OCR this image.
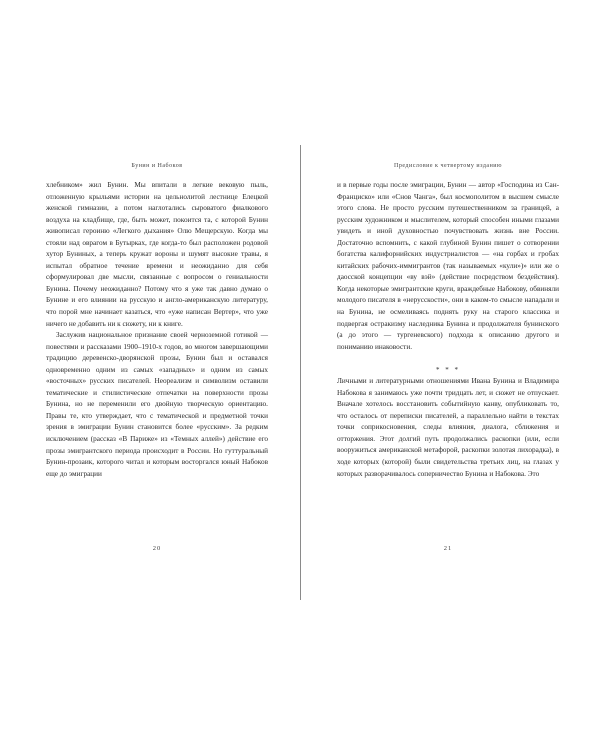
Бунин и Набоков

хлебником» жил Бунин. Мы впитали в легкие вековую пыль, отложенную крыльями истории на цельнолитой лестнице Елецкой женской гимназии, а потом наглотались сыроватого фиалкового воздуха на кладбище, где, быть может, покоится та, с которой Бунин живописал героиню «Легкого дыхания» Олю Мещерскую. Когда мы стояли над оврагом в Бутырках, где когда-то был расположен родовой хутор Буниных, а теперь кружат вороны и шумят высокие травы, я испытал обратное течение времени и неожиданно для себя сформулировал две мысли, связанные с вопросом о гениальности Бунина. Почему неожиданно? Потому что я уже так давно думаю о Бунине и его влиянии на русскую и англо-американскую литературу, что порой мне начинает казаться, что «уже написан Вертер», что уже ничего не добавить ни к сюжету, ни к книге.

Заслужив национальное признание своей черноземной готикой — повестями и рассказами 1900–1910-х годов, во многом завершающими традицию деревенско-дворянской прозы, Бунин был и оставался одновременно одним из самых «западных» и одним из самых «восточных» русских писателей. Неореализм и символизм оставили тематические и стилистические отпечатки на поверхности прозы Бунина, но не переменили его двойную творческую ориентацию. Правы те, кто утверждает, что с тематической и предметной точки зрения в эмиграции Бунин становится более «русским». За редким исключением (рассказ «В Париже» из «Темных аллей») действие его прозы эмигрантского периода происходит в России. Но гуттуральный Бунин-прозаик, которого читал и которым восторгался юный Набоков еще до эмиграции

20
Предисловие к четвертому изданию

и в первые годы после эмиграции, Бунин — автор «Господина из Сан-Франциско» или «Снов Чанга», был космополитом в высшем смысле этого слова. Не просто русским путешественником за границей, а русским художником и мыслителем, который способен иными глазами увидеть и иной духовностью почувствовать жизнь вне России. Достаточно вспомнить, с какой глубиной Бунин пишет о сотворении богатства калифорнийских индустриалистов — «на горбах и гробах китайских рабочих-иммигрантов (так называемых «кули»)» или же о даосской концепции «ву вэй» (действие посредством бездействия). Когда некоторые эмигрантские круги, враждебные Набокову, обвиняли молодого писателя в «нерусскости», они в каком-то смысле нападали и на Бунина, не осмеливаясь поднять руку на старого классика и подвергая остракизму наследника Бунина и продолжателя бунинского (а до этого — тургеневского) подхода к описанию другого и пониманию инаковости.

* * *

Личными и литературными отношениями Ивана Бунина и Владимира Набокова я занимаюсь уже почти тридцать лет, и сюжет не отпускает. Вначале хотелось восстановить событийную канву, опубликовать то, что осталось от переписки писателей, а параллельно найти в текстах точки соприкосновения, следы влияния, диалога, сближения и отторжения. Этот долгий путь продолжались раскопки (или, если вооружиться американской метафорой, раскопки золотая лихорадка), в ходе которых (которой) были свидетельства третьих лиц, на глазах у которых разворачивалось соперничество Бунина и Набокова. Это

21
